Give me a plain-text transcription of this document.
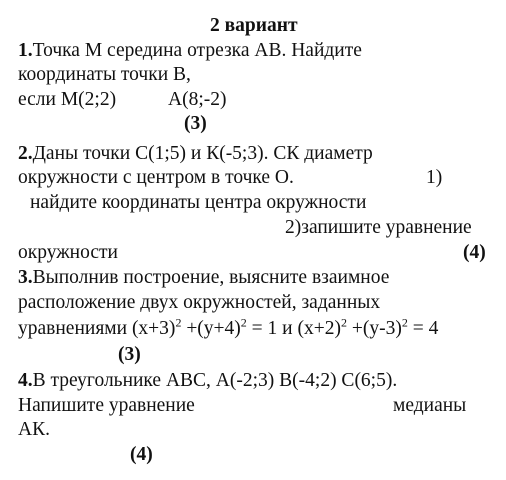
2 вариант
1.Точка М середина отрезка АВ. Найдите
координаты точки В,
если М(2;2)	А(8;-2)
(3)
2.Даны точки С(1;5) и К(-5;3). СК диаметр
окружности с центром в точке О.	1)
найдите координаты центра окружности
2)запишите уравнение
окружности	(4)
3.Выполнив построение, выясните взаимное
расположение двух окружностей, заданных
уравнениями $(x+3)^2 +(y+4)^2 = 1$ и $(x+2)^2 +(y-3)^2 = 4$
(3)
4.В треугольнике АВС, А(-2;3) В(-4;2) С(6;5).
Напишите уравнение	медианы
АК.
(4)
